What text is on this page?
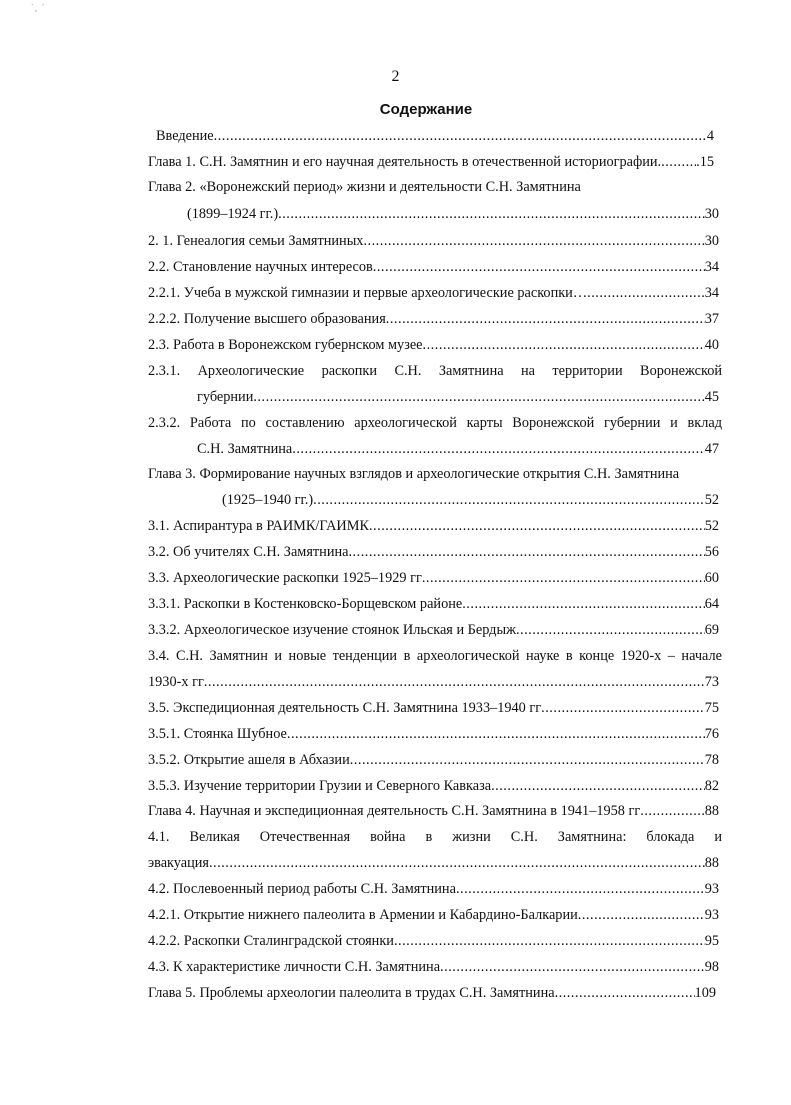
˙‚ ˊ
2
Содержание
Введение .....	4
Глава 1. С.Н. Замятнин и его научная деятельность в отечественной историографии. ..... .15
Глава 2. «Воронежский период» жизни и деятельности С.Н. Замятнина
(1899–1924 гг.) .....	30
2. 1. Генеалогия семьи Замятниных .....	30
2.2. Становление научных интересов .....	34
2.2.1. Учеба в мужской гимназии и первые археологические раскопки… .....	34
2.2.2. Получение высшего образования .....	37
2.3. Работа в Воронежском губернском музее .....	40
2.3.1. Археологические раскопки С.Н. Замятнина на территории Воронежской
губернии .....	45
2.3.2. Работа по составлению археологической карты Воронежской губернии и вклад
С.Н. Замятнина .....	47
Глава 3. Формирование научных взглядов и археологические открытия С.Н. Замятнина
(1925–1940 гг.) .....	52
3.1. Аспирантура в РАИМК/ГАИМК .....	52
3.2. Об учителях С.Н. Замятнина .....	56
3.3. Археологические раскопки 1925–1929 гг .....	60
3.3.1. Раскопки в Костенковско-Борщевском районе .....	64
3.3.2. Археологическое изучение стоянок Ильская и Бердыж .....	69
3.4. С.Н. Замятнин и новые тенденции в археологической науке в конце 1920-х – начале
1930-х гг .....	73
3.5. Экспедиционная деятельность С.Н. Замятнина 1933–1940 гг .....	75
3.5.1. Стоянка Шубное .....	76
3.5.2. Открытие ашеля в Абхазии .....	78
3.5.3. Изучение территории Грузии и Северного Кавказа .....	82
Глава 4. Научная и экспедиционная деятельность С.Н. Замятнина в 1941–1958 гг .....	88
4.1. Великая Отечественная война в жизни С.Н. Замятнина: блокада и
эвакуация .....	88
4.2. Послевоенный период работы С.Н. Замятнина .....	93
4.2.1. Открытие нижнего палеолита в Армении и Кабардино-Балкарии .....	93
4.2.2. Раскопки Сталинградской стоянки .....	95
4.3. К характеристике личности С.Н. Замятнина .....	98
Глава 5. Проблемы археологии палеолита в трудах С.Н. Замятнина .....	109
